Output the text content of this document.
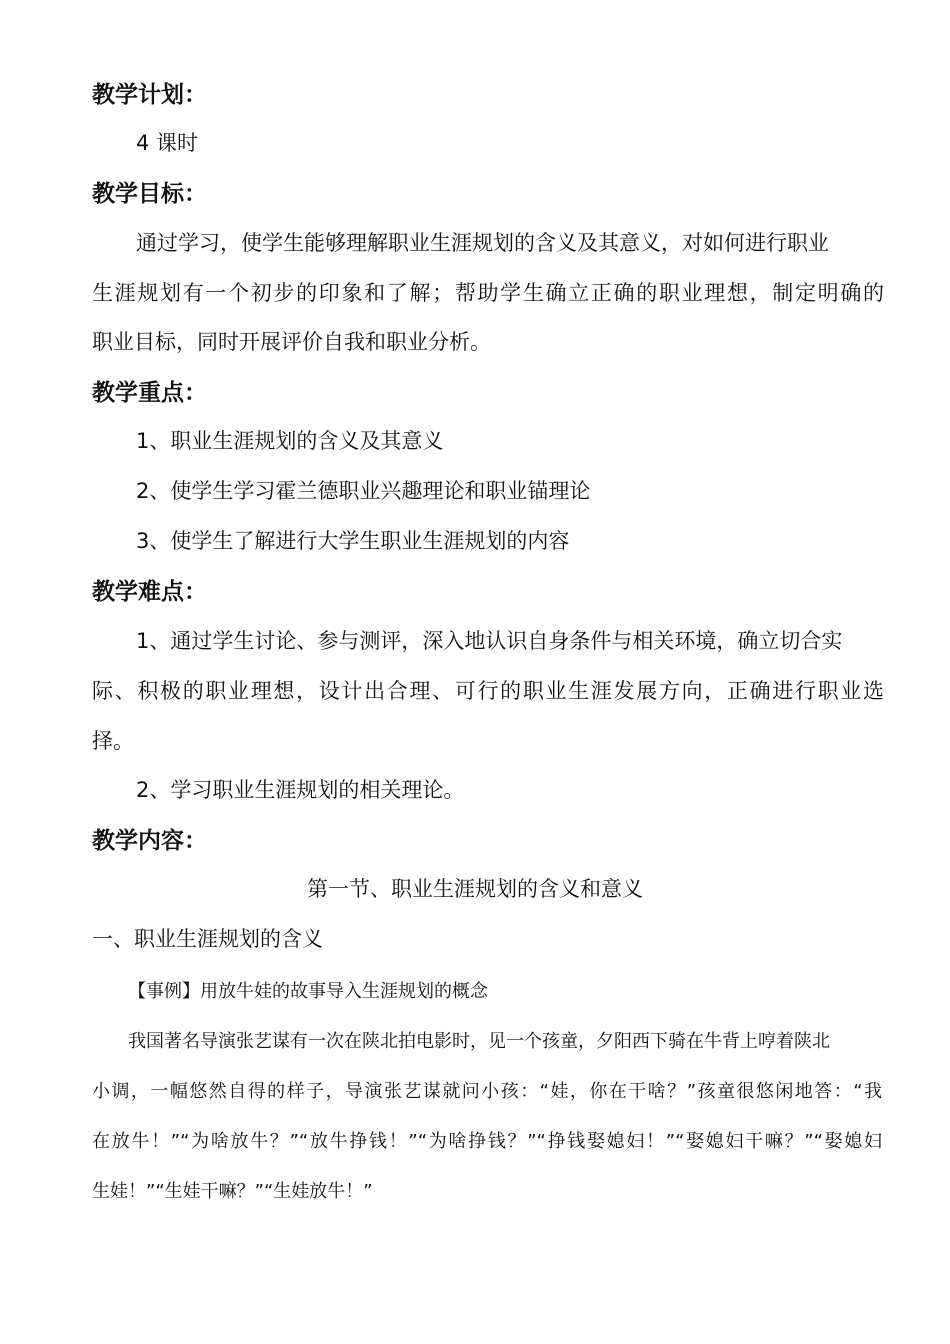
教学计划：
4 课时
教学目标：
通过学习，使学生能够理解职业生涯规划的含义及其意义，对如何进行职业
生涯规划有一个初步的印象和了解；帮助学生确立正确的职业理想，制定明确的
职业目标，同时开展评价自我和职业分析。
教学重点：
1、职业生涯规划的含义及其意义
2、使学生学习霍兰德职业兴趣理论和职业锚理论
3、使学生了解进行大学生职业生涯规划的内容
教学难点：
1、通过学生讨论、参与测评，深入地认识自身条件与相关环境，确立切合实
际、积极的职业理想，设计出合理、可行的职业生涯发展方向，正确进行职业选
择。
2、学习职业生涯规划的相关理论。
教学内容：
第一节、职业生涯规划的含义和意义
一、职业生涯规划的含义
【事例】用放牛娃的故事导入生涯规划的概念
我国著名导演张艺谋有一次在陕北拍电影时，见一个孩童，夕阳西下骑在牛背上哼着陕北
小调，一幅悠然自得的样子，导演张艺谋就问小孩：“娃，你在干啥？”孩童很悠闲地答：“我
在放牛！”“为啥放牛？”“放牛挣钱！”“为啥挣钱？”“挣钱娶媳妇！”“娶媳妇干嘛？”“娶媳妇
生娃！”“生娃干嘛？”“生娃放牛！”
